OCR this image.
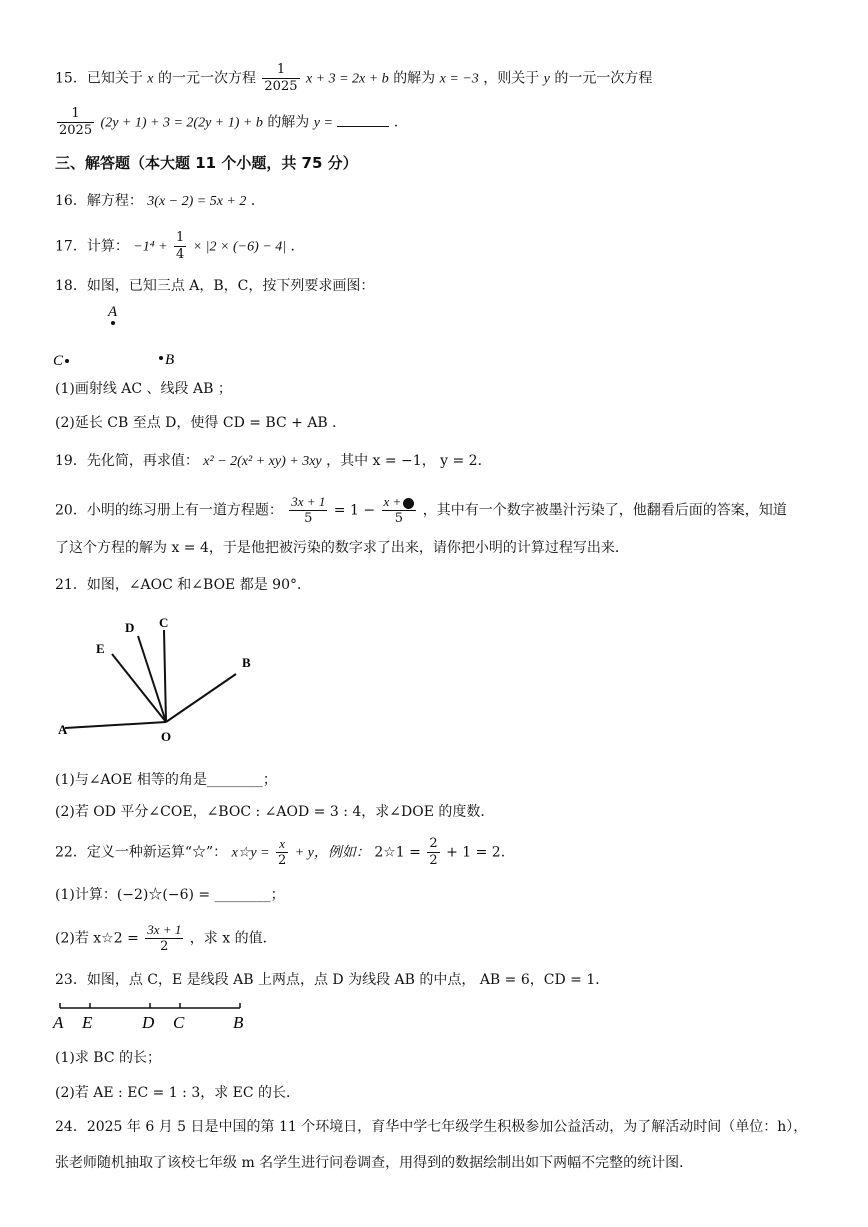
15．已知关于 x 的一元一次方程 $\frac{1}{2025}$ x + 3 = 2x + b 的解为 x = −3 ，则关于 y 的一元一次方程
$\frac{1}{2025} (2y + 1) + 3 = 2(2y + 1) + b$ 的解为 y =	．
三、解答题（本大题 11 个小题，共 75 分）
16．解方程： 3(x − 2) = 5x + 2 ．
17．计算： $-1^4 + \frac{1}{4} \times |2 \times (-6) - 4|$ ．
18．如图，已知三点 A，B，C，按下列要求画图：
A
C	B
(1)画射线 AC 、线段 AB ；
(2)延长 CB 至点 D，使得 CD = BC + AB ．
19．先化简，再求值： x² − 2(x² + xy) + 3xy ，其中 x = −1， y = 2．
20．小明的练习册上有一道方程题： $\frac{3x + 1}{5} = 1 - \frac{x +}{5}$ ，其中有一个数字被墨汁污染了，他翻看后面的答案，知道
了这个方程的解为 x = 4，于是他把被污染的数字求了出来，请你把小明的计算过程写出来．
21．如图，∠AOC 和∠BOE 都是 90°．
A
B
C
D
E
O
(1)与∠AOE 相等的角是________；
(2)若 OD 平分∠COE，∠BOC : ∠AOD = 3 : 4，求∠DOE 的度数．
22．定义一种新运算“☆”： x☆y = $\frac{x}{2} + y$，例如： 2☆1 = $\frac{2}{2} + 1 = 2$．
(1)计算：(−2)☆(−6) = ________；
(2)若 x☆2 = $\frac{3x + 1}{2}$ ，求 x 的值．
23．如图，点 C，E 是线段 AB 上两点，点 D 为线段 AB 的中点， AB = 6，CD = 1．
A E	D C	B
(1)求 BC 的长；
(2)若 AE : EC = 1 : 3，求 EC 的长．
24．2025 年 6 月 5 日是中国的第 11 个环境日，育华中学七年级学生积极参加公益活动，为了解活动时间（单位：h），
张老师随机抽取了该校七年级 m 名学生进行问卷调查，用得到的数据绘制出如下两幅不完整的统计图．
